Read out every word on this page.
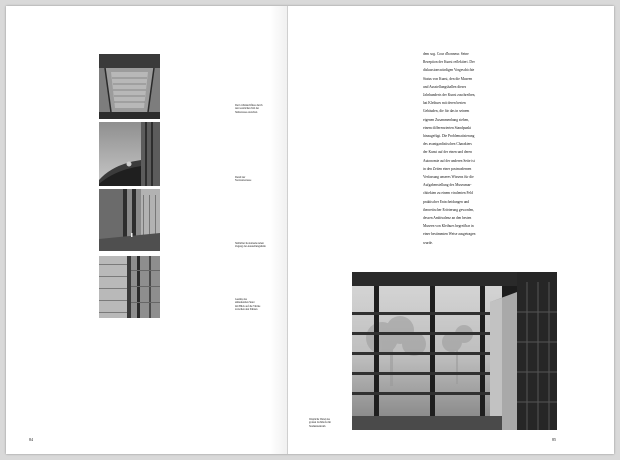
Der Lichtdurchfluss durch
den westlichen Teil der
Südterrasse erreichen

Detail der
Nordostterrasse

Südlicher Kolonnade neben
Zugang der Ausstellungshalle

Gesims des
umlaufenden Sturz
mit Blick auf die Vitrine
zwischen den Stützen

84

dem sog. Cour d'honneur. Seine
Rezeption der Kunst reflektiert. Der
diskussionswürdigen Vorgeschichte
Status von Kunst, den die Museen
und Ausstellungshallen dieses
Jahrhunderts der Kunst zuschreiben,
hat Kleihues mit deren besten
Gebäuden, die für das in seinem
eigenen Zusammenhang stehen,
einem differenzierten Standpunkt
hinzugefügt. Die Problematisierung
des avantgardistischen Charakters
der Kunst auf der einen und deren
Autonomie auf der anderen Seite ist
in den Zeiten einer postmodernen
Verfassung unseres Wissens für die
Aufgabenstellung des Museumar-
chitekten zu einem virulenten Feld
praktischer Entscheidungen und
theoretischer Erörterung geworden,
dessen Ambivalenz an den besten
Museen von Kleihues begreifbar in
einer bestimmten Weise ausgetragen
wurde.

Westliche Wand des
großen Lichthofs mit
Studienzentrum

85
